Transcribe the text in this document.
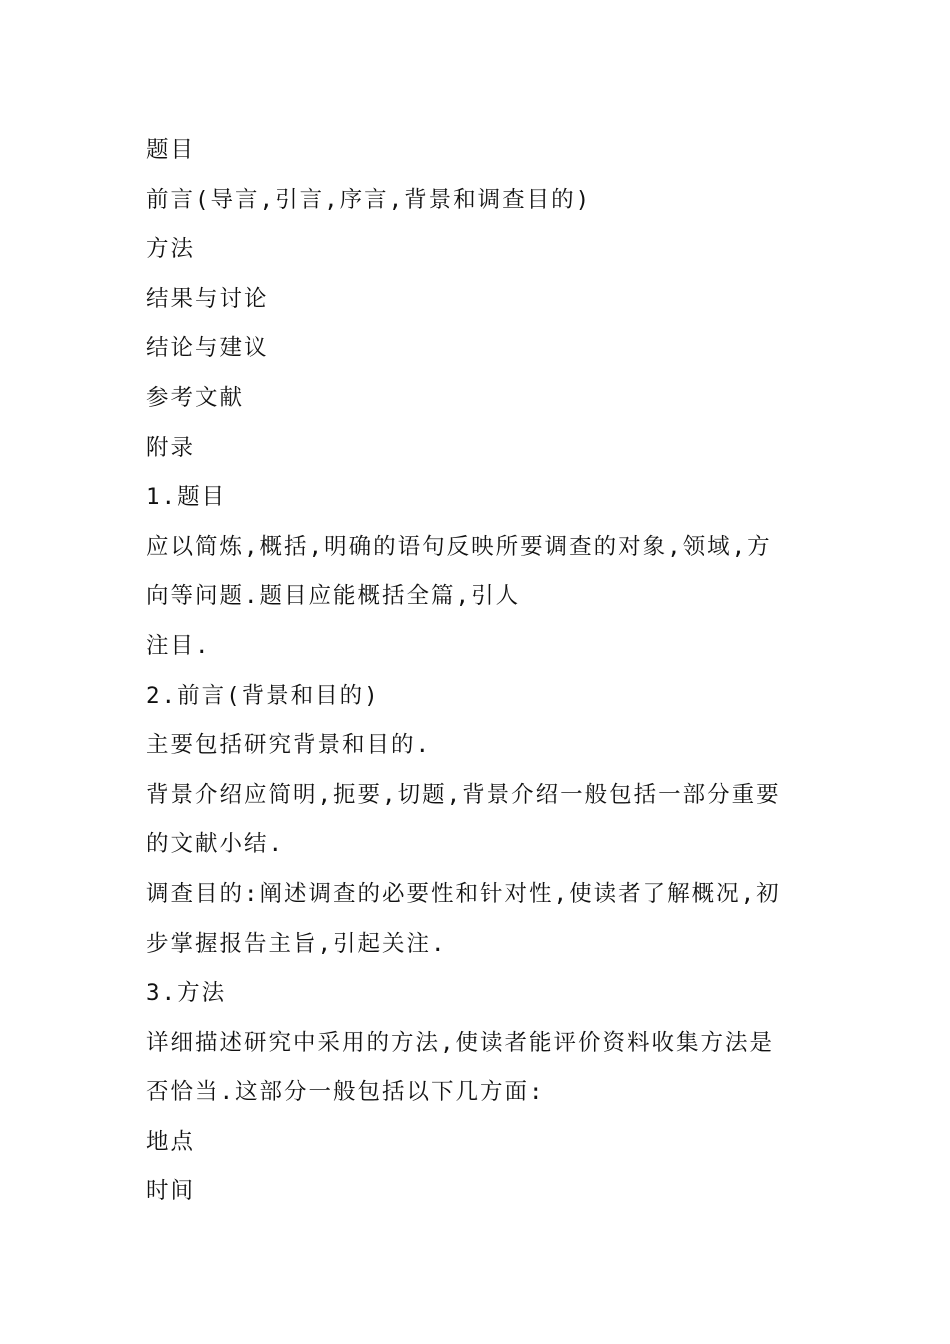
题目
前言(导言,引言,序言,背景和调查目的)
方法
结果与讨论
结论与建议
参考文献
附录
1.题目
应以简炼,概括,明确的语句反映所要调查的对象,领域,方
向等问题.题目应能概括全篇,引人
注目.
2.前言(背景和目的)
主要包括研究背景和目的.
背景介绍应简明,扼要,切题,背景介绍一般包括一部分重要
的文献小结.
调查目的:阐述调查的必要性和针对性,使读者了解概况,初
步掌握报告主旨,引起关注.
3.方法
详细描述研究中采用的方法,使读者能评价资料收集方法是
否恰当.这部分一般包括以下几方面:
地点
时间
